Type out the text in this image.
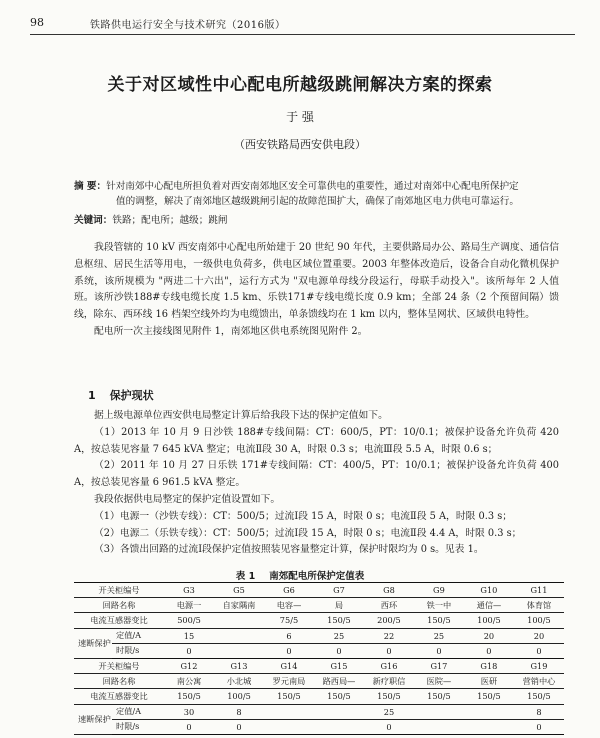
98	铁路供电运行安全与技术研究（2016版）
关于对区域性中心配电所越级跳闸解决方案的探索
于 强
（西安铁路局西安供电段）
摘 要：针对南郊中心配电所担负着对西安南郊地区安全可靠供电的重要性，通过对南郊中心配电所保护定
值的调整，解决了南郊地区越级跳闸引起的故障范围扩大，确保了南郊地区电力供电可靠运行。
关键词：铁路；配电所；越级；跳闸

我段管辖的 10 kV 西安南郊中心配电所始建于 20 世纪 90 年代，主要供路局办公、路局生产调度、通信信息枢纽、居民生活等用电，一级供电负荷多，供电区域位置重要。2003 年整体改造后，设备合自动化微机保护系统，该所规模为 "两进二十六出"，运行方式为 "双电源单母线分段运行，母联手动投入"。该所每年 2 人值班。该所沙铁188#专线电缆长度 1.5 km、乐铁171#专线电缆长度 0.9 km；全部 24 条（2 个预留间隔）馈线，除东、西环线 16 档架空线外均为电缆馈出，单条馈线均在 1 km 以内，整体呈网状、区域供电特性。

配电所一次主接线图见附件 1，南郊地区供电系统图见附件 2。

1 保护现状

据上级电源单位西安供电局整定计算后给我段下达的保护定值如下。

（1）2013 年 10 月 9 日沙铁 188#专线间隔：CT：600/5，PT：10/0.1；被保护设备允许负荷 420 A，按总装见容量 7 645 kVA 整定；电流Ⅱ段 30 A，时限 0.3 s；电流Ⅲ段 5.5 A，时限 0.6 s；

（2）2011 年 10 月 27 日乐铁 171#专线间隔：CT：400/5，PT：10/0.1；被保护设备允许负荷 400 A，按总装见容量 6 961.5 kVA 整定。

我段依据供电局整定的保护定值设置如下。

（1）电源一（沙铁专线）：CT：500/5；过流Ⅰ段 15 A，时限 0 s；电流Ⅱ段 5 A，时限 0.3 s；

（2）电源二（乐铁专线）：CT：500/5；过流Ⅰ段 15 A，时限 0 s；电流Ⅱ段 4.4 A，时限 0.3 s；

（3）各馈出回路的过流Ⅰ段保护定值按照装见容量整定计算，保护时限均为 0 s。见表 1。

表 1 南郊配电所保护定值表
开关柜编号		G3	G5	G6	G7	G8	G9	G10	G11
回路名称		电源一	自家隅南	电容—	局	西环	铁一中	通信—	体育馆
电流互感器变比		500/5		75/5	150/5	200/5	150/5	100/5	100/5
速断保护	定值/A	15		6	25	22	25	20	20
	时限/s	0		0	0	0	0	0	0
开关柜编号		G12	G13	G14	G15	G16	G17	G18	G19
回路名称		南公寓	小北城	罗元南局	路西局—	新疗职信	医院—	医研	营销中心
电流互感器变比		150/5	100/5	150/5	150/5	150/5	150/5	150/5	150/5
速断保护	定值/A	30	8			25			8
	时限/s	0	0			0			0
